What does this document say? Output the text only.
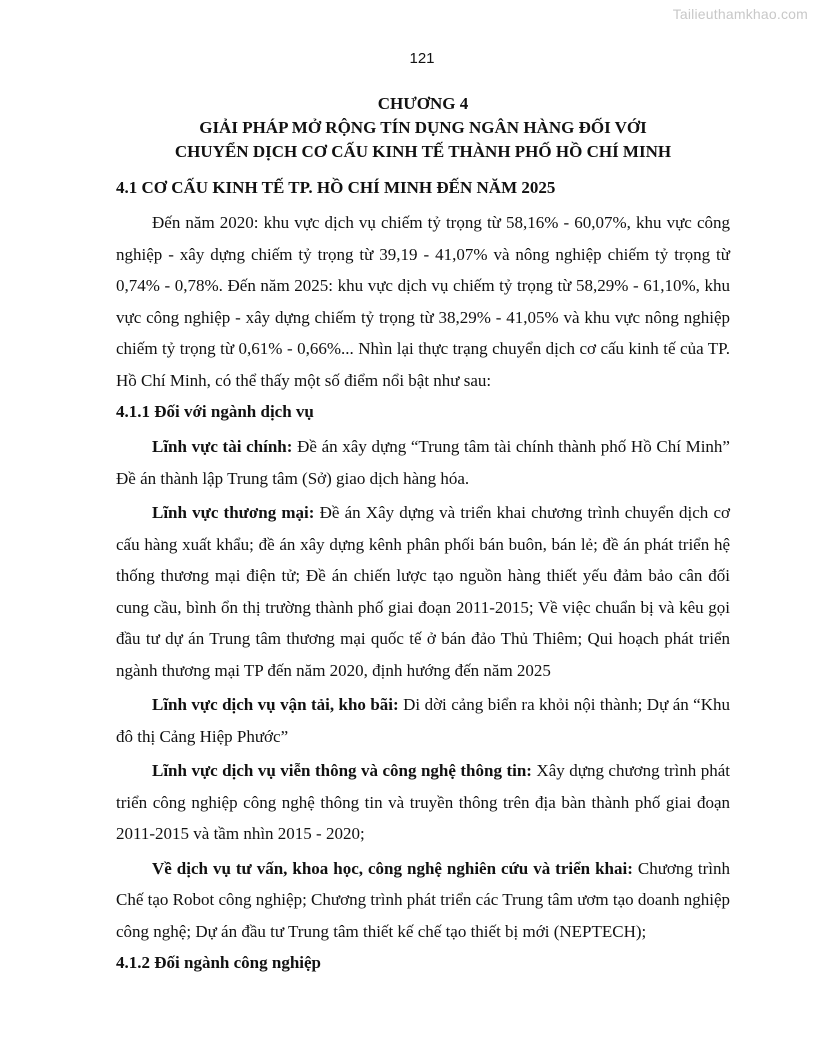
Tailieuthamkhao.com
121
CHƯƠNG 4
GIẢI PHÁP MỞ RỘNG TÍN DỤNG NGÂN HÀNG ĐỐI VỚI
CHUYỂN DỊCH CƠ CẤU KINH TẾ THÀNH PHỐ HỒ CHÍ MINH
4.1 CƠ CẤU KINH TẾ TP. HỒ CHÍ MINH ĐẾN NĂM 2025

Đến năm 2020: khu vực dịch vụ chiếm tỷ trọng từ 58,16% - 60,07%, khu vực công nghiệp - xây dựng chiếm tỷ trọng từ 39,19 - 41,07% và nông nghiệp chiếm tỷ trọng từ 0,74% - 0,78%. Đến năm 2025: khu vực dịch vụ chiếm tỷ trọng từ 58,29% - 61,10%, khu vực công nghiệp - xây dựng chiếm tỷ trọng từ 38,29% - 41,05% và khu vực nông nghiệp chiếm tỷ trọng từ 0,61% - 0,66%... Nhìn lại thực trạng chuyển dịch cơ cấu kinh tế của TP. Hồ Chí Minh, có thể thấy một số điểm nổi bật như sau:

4.1.1 Đối với ngành dịch vụ

Lĩnh vực tài chính: Đề án xây dựng “Trung tâm tài chính thành phố Hồ Chí Minh” Đề án thành lập Trung tâm (Sở) giao dịch hàng hóa.

Lĩnh vực thương mại: Đề án Xây dựng và triển khai chương trình chuyển dịch cơ cấu hàng xuất khẩu; đề án xây dựng kênh phân phối bán buôn, bán lẻ; đề án phát triển hệ thống thương mại điện tử; Đề án chiến lược tạo nguồn hàng thiết yếu đảm bảo cân đối cung cầu, bình ổn thị trường thành phố giai đoạn 2011-2015; Về việc chuẩn bị và kêu gọi đầu tư dự án Trung tâm thương mại quốc tế ở bán đảo Thủ Thiêm; Qui hoạch phát triển ngành thương mại TP đến năm 2020, định hướng đến năm 2025

Lĩnh vực dịch vụ vận tải, kho bãi: Di dời cảng biển ra khỏi nội thành; Dự án “Khu đô thị Cảng Hiệp Phước”

Lĩnh vực dịch vụ viễn thông và công nghệ thông tin: Xây dựng chương trình phát triển công nghiệp công nghệ thông tin và truyền thông trên địa bàn thành phố giai đoạn 2011-2015 và tầm nhìn 2015 - 2020;

Về dịch vụ tư vấn, khoa học, công nghệ nghiên cứu và triển khai: Chương trình Chế tạo Robot công nghiệp; Chương trình phát triển các Trung tâm ươm tạo doanh nghiệp công nghệ; Dự án đầu tư Trung tâm thiết kế chế tạo thiết bị mới (NEPTECH);

4.1.2 Đối ngành công nghiệp
